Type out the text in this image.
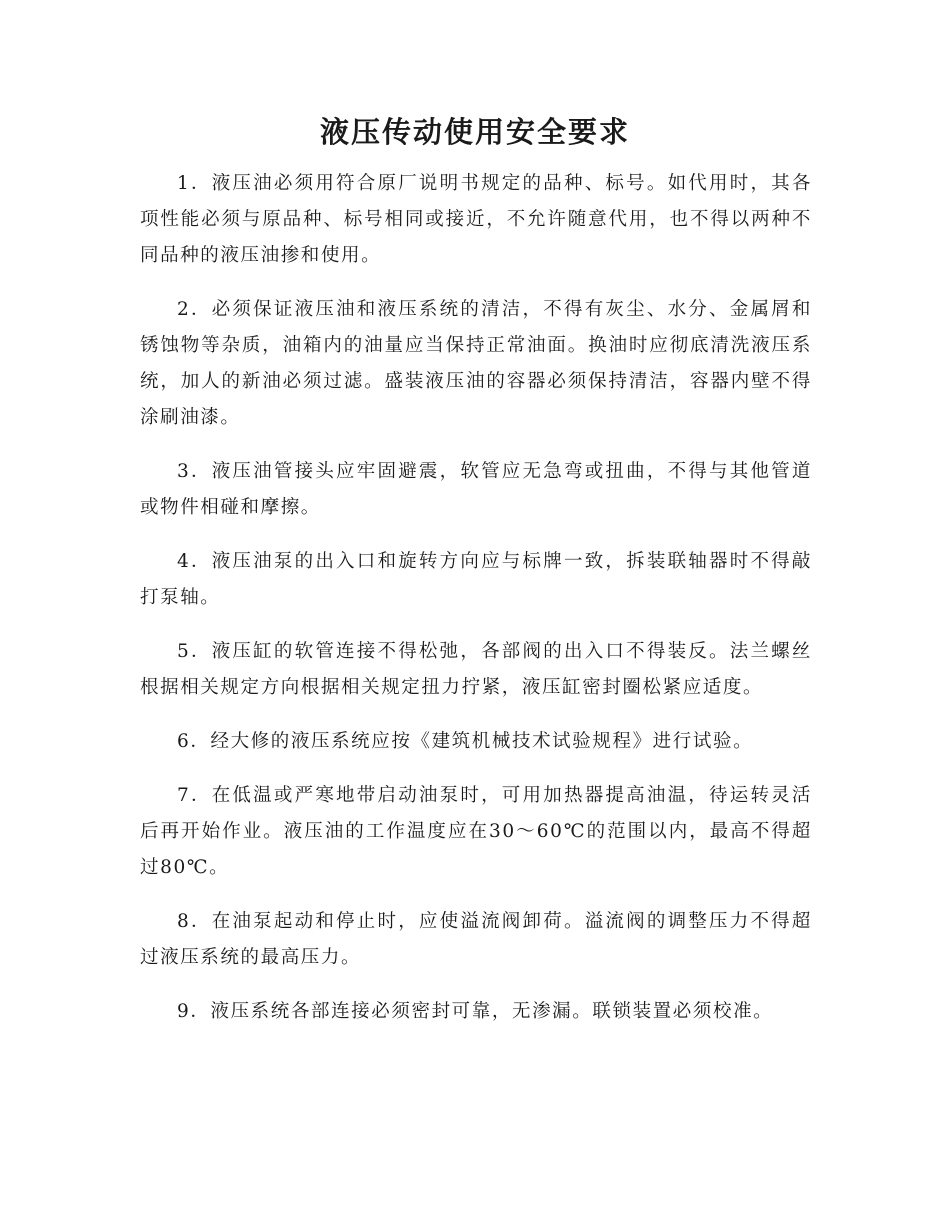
液压传动使用安全要求

1．液压油必须用符合原厂说明书规定的品种、标号。如代用时，其各项性能必须与原品种、标号相同或接近，不允许随意代用，也不得以两种不同品种的液压油掺和使用。

2．必须保证液压油和液压系统的清洁，不得有灰尘、水分、金属屑和锈蚀物等杂质，油箱内的油量应当保持正常油面。换油时应彻底清洗液压系统，加人的新油必须过滤。盛装液压油的容器必须保持清洁，容器内壁不得涂刷油漆。

3．液压油管接头应牢固避震，软管应无急弯或扭曲，不得与其他管道或物件相碰和摩擦。

4．液压油泵的出入口和旋转方向应与标牌一致，拆装联轴器时不得敲打泵轴。

5．液压缸的软管连接不得松弛，各部阀的出入口不得装反。法兰螺丝根据相关规定方向根据相关规定扭力拧紧，液压缸密封圈松紧应适度。

6．经大修的液压系统应按《建筑机械技术试验规程》进行试验。

7．在低温或严寒地带启动油泵时，可用加热器提高油温，待运转灵活后再开始作业。液压油的工作温度应在30～60℃的范围以内，最高不得超过80℃。

8．在油泵起动和停止时，应使溢流阀卸荷。溢流阀的调整压力不得超过液压系统的最高压力。

9．液压系统各部连接必须密封可靠，无渗漏。联锁装置必须校准。
